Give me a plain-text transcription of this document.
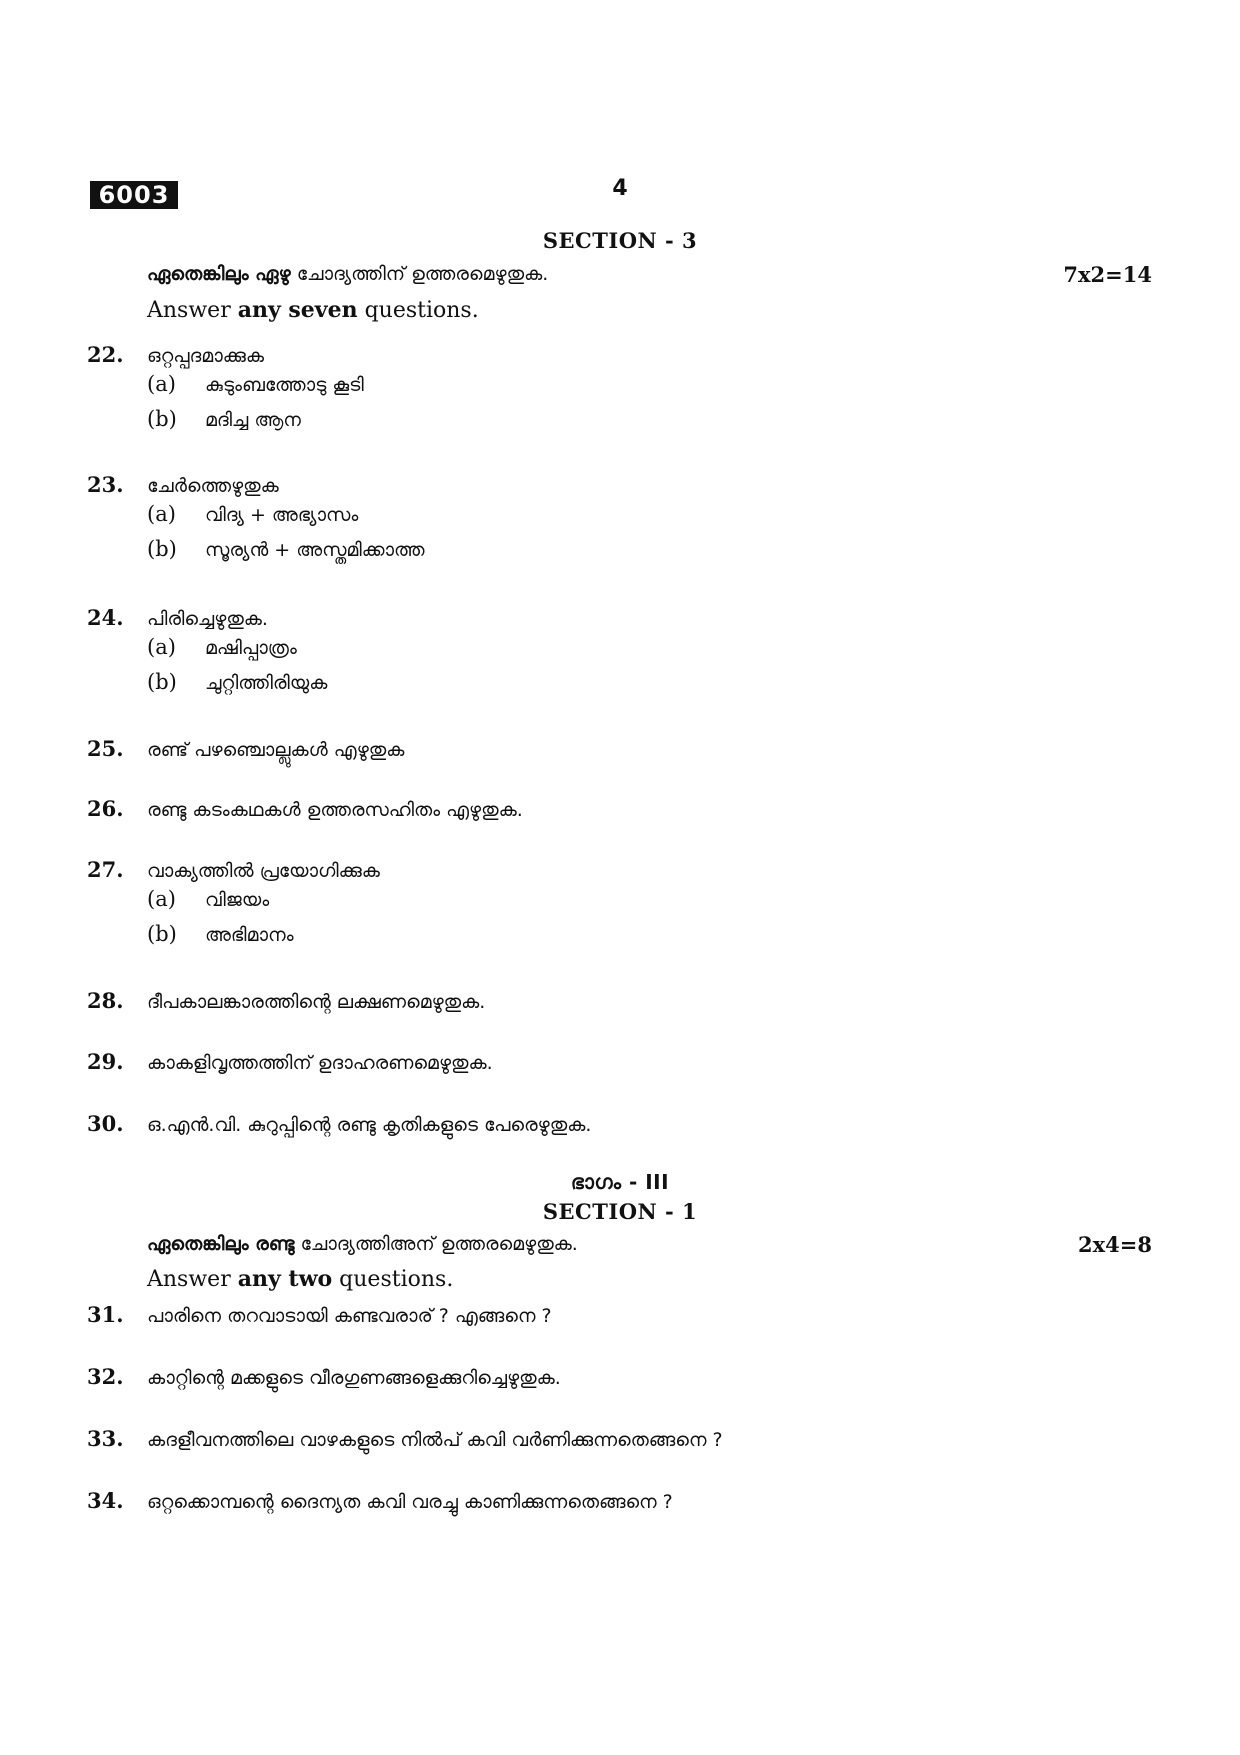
6003	4
SECTION - 3
ഏതെങ്കിലും ഏഴു ചോദ്യത്തിന് ഉത്തരമെഴുതുക.	7x2=14
Answer any seven questions.
22.	ഒറ്റപ്പദമാക്കുക
(a)	കുടുംബത്തോടു കൂടി
(b)	മദിച്ച ആന
23.	ചേർത്തെഴുതുക
(a)	വിദ്യ + അഭ്യാസം
(b)	സൂര്യൻ + അസ്തമിക്കാത്ത
24.	പിരിച്ചെഴുതുക.
(a)	മഷിപ്പാത്രം
(b)	ചുറ്റിത്തിരിയുക
25.	രണ്ട് പഴഞ്ചൊല്ലുകൾ എഴുതുക
26.	രണ്ടു കടംകഥകൾ ഉത്തരസഹിതം എഴുതുക.
27.	വാക്യത്തിൽ പ്രയോഗിക്കുക
(a)	വിജയം
(b)	അഭിമാനം
28.	ദീപകാലങ്കാരത്തിന്റെ ലക്ഷണമെഴുതുക.
29.	കാകളിവൃത്തത്തിന് ഉദാഹരണമെഴുതുക.
30.	ഒ.എൻ.വി. കുറുപ്പിന്റെ രണ്ടു കൃതികളുടെ പേരെഴുതുക.
ഭാഗം - III
SECTION - 1
ഏതെങ്കിലും രണ്ടു ചോദ്യത്തിഅന് ഉത്തരമെഴുതുക.	2x4=8
Answer any two questions.
31.	പാരിനെ തറവാടായി കണ്ടവരാര് ? എങ്ങനെ ?
32.	കാറ്റിന്റെ മക്കളുടെ വീരഗുണങ്ങളെക്കുറിച്ചെഴുതുക.
33.	കദളീവനത്തിലെ വാഴകളുടെ നിൽപ് കവി വർണിക്കുന്നതെങ്ങനെ ?
34.	ഒറ്റക്കൊമ്പന്റെ ദൈന്യത കവി വരച്ചു കാണിക്കുന്നതെങ്ങനെ ?
